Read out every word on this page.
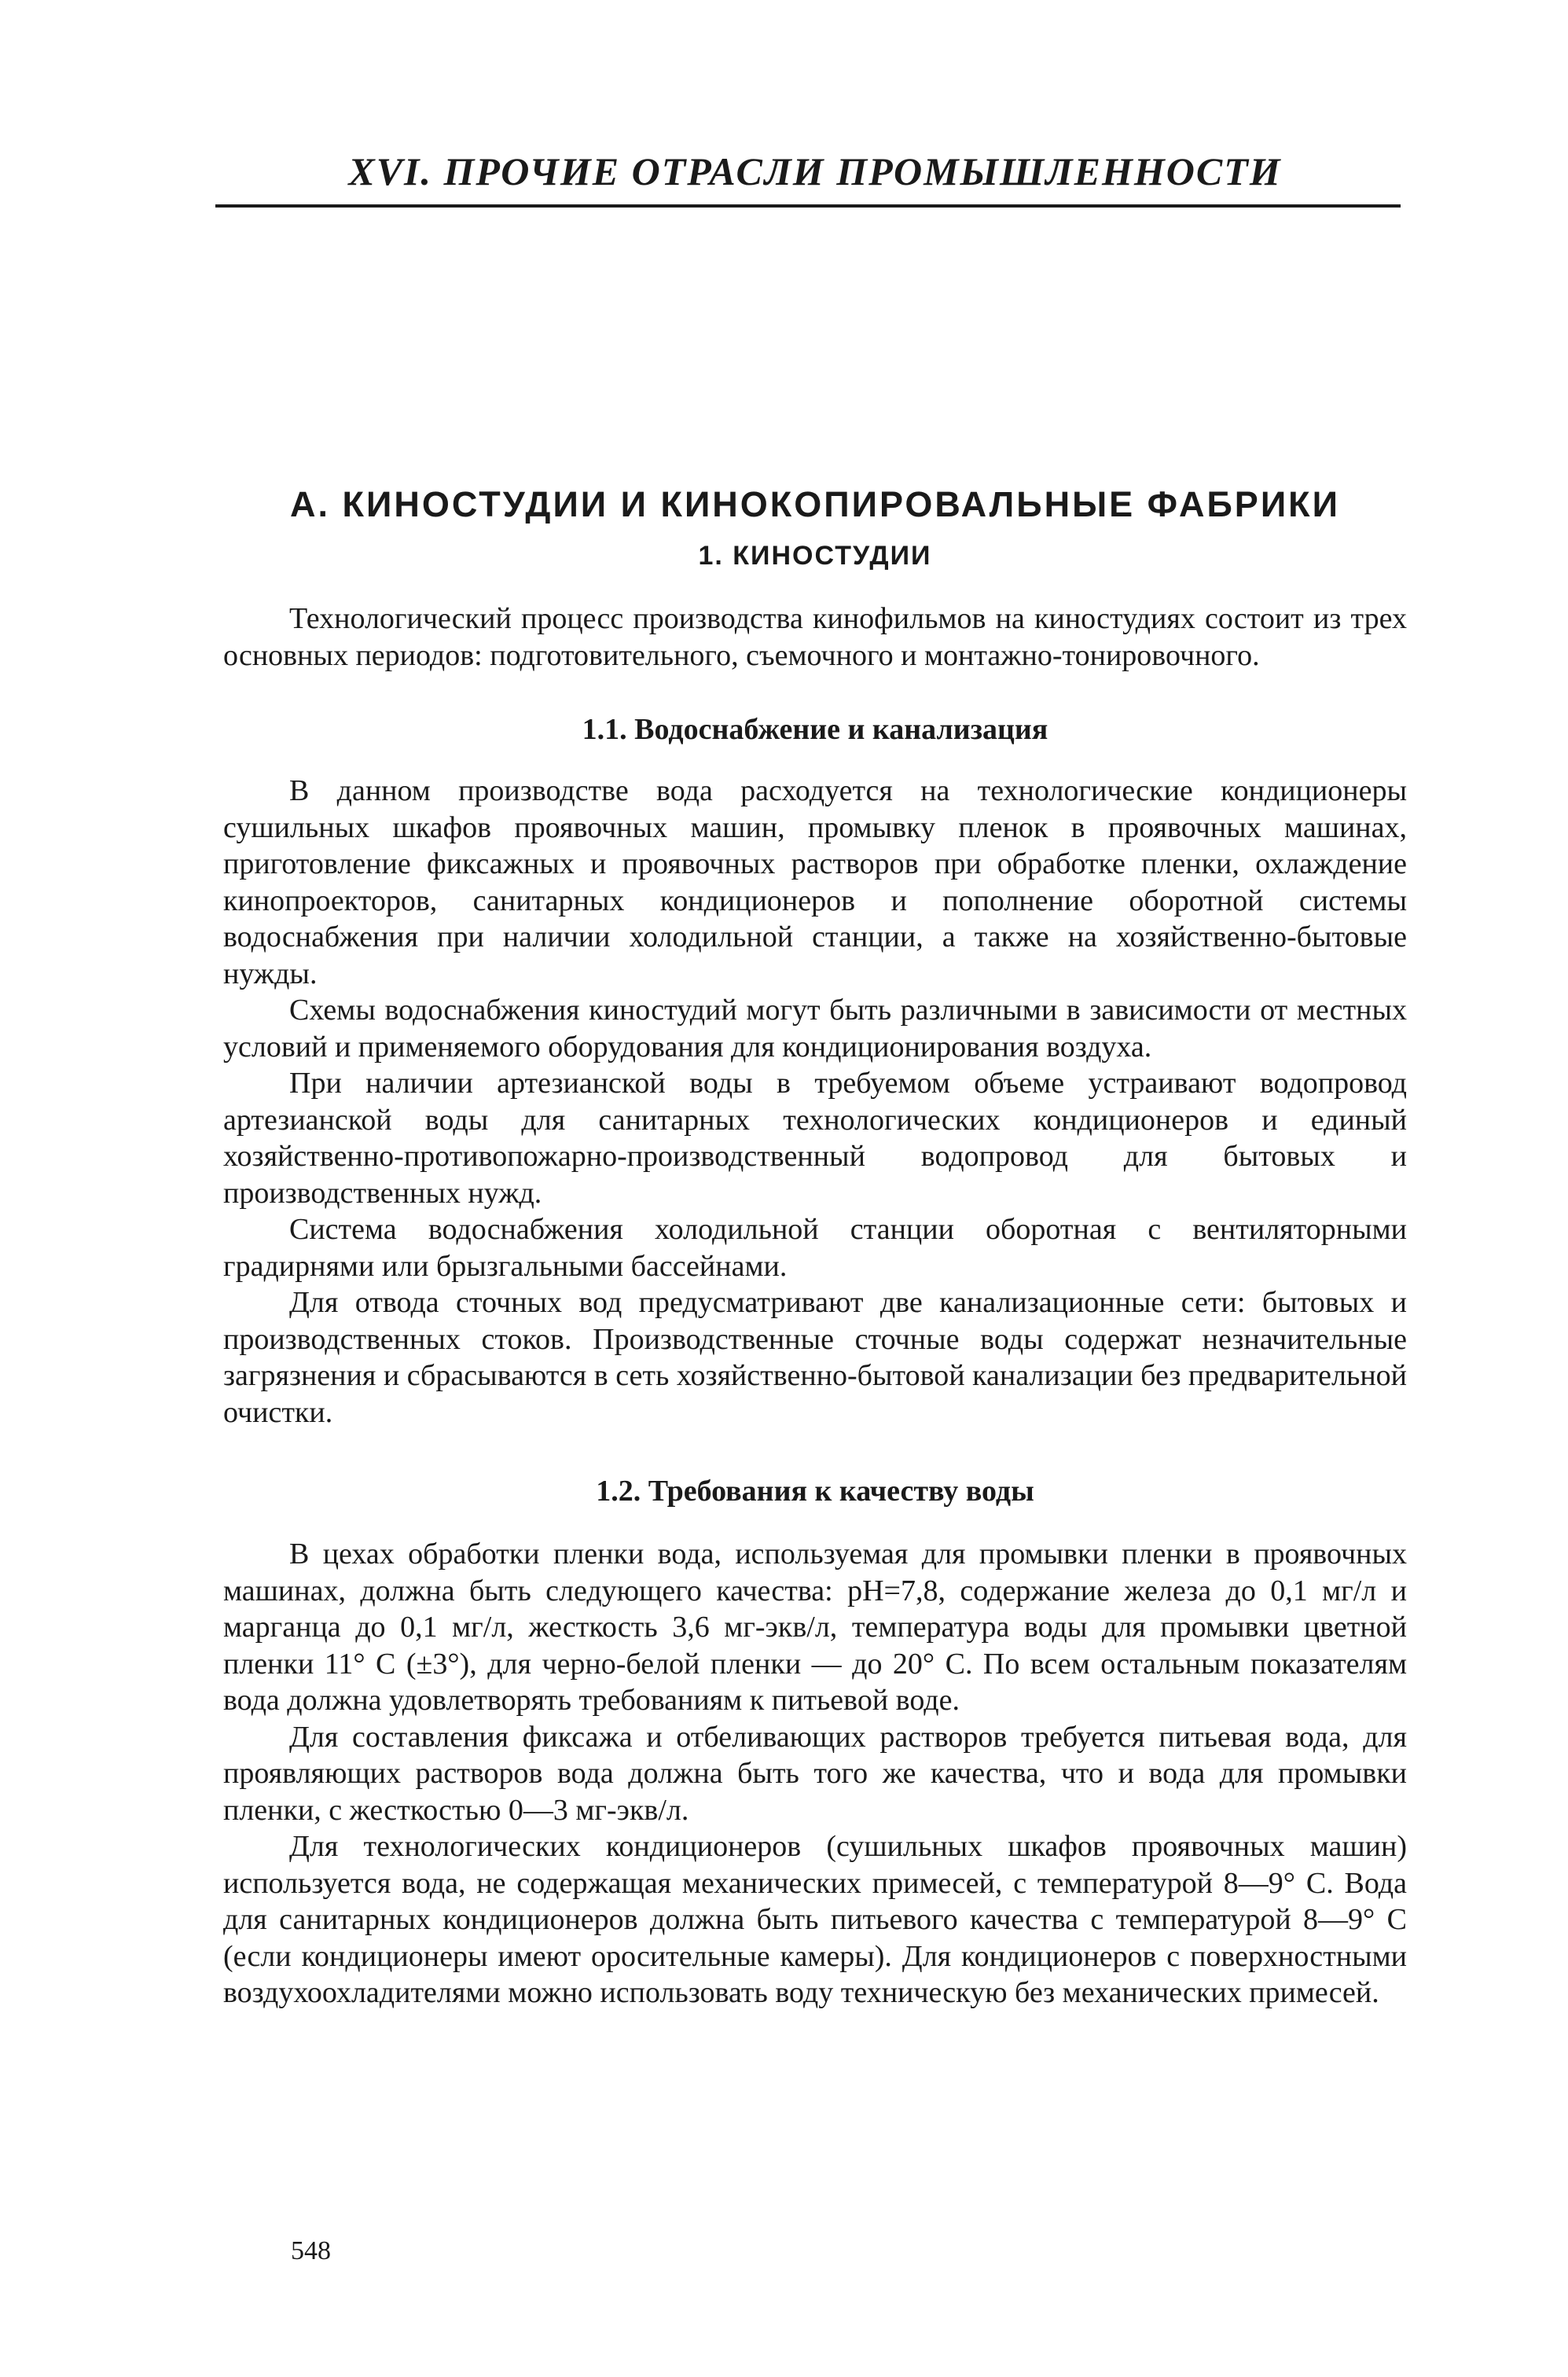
XVI. ПРОЧИЕ ОТРАСЛИ ПРОМЫШЛЕННОСТИ
А. КИНОСТУДИИ И КИНОКОПИРОВАЛЬНЫЕ ФАБРИКИ
1. КИНОСТУДИИ

Технологический процесс производства кинофильмов на киностудиях состоит из трех основных периодов: подготовительного, съемочного и монтажно-тонировочного.

1.1. Водоснабжение и канализация

В данном производстве вода расходуется на технологические кондиционеры сушильных шкафов проявочных машин, промывку пленок в проявочных машинах, приготовление фиксажных и проявочных растворов при обработке пленки, охлаждение кинопроекторов, санитарных кондиционеров и пополнение оборотной системы водоснабжения при наличии холодильной станции, а также на хозяйственно-бытовые нужды.

Схемы водоснабжения киностудий могут быть различными в зависимости от местных условий и применяемого оборудования для кондиционирования воздуха.

При наличии артезианской воды в требуемом объеме устраивают водопровод артезианской воды для санитарных технологических кондиционеров и единый хозяйственно-противопожарно-производственный водопровод для бытовых и производственных нужд.

Система водоснабжения холодильной станции оборотная с вентиляторными градирнями или брызгальными бассейнами.

Для отвода сточных вод предусматривают две канализационные сети: бытовых и производственных стоков. Производственные сточные воды содержат незначительные загрязнения и сбрасываются в сеть хозяйственно-бытовой канализации без предварительной очистки.

1.2. Требования к качеству воды

В цехах обработки пленки вода, используемая для промывки пленки в проявочных машинах, должна быть следующего качества: pH=7,8, содержание железа до 0,1 мг/л и марганца до 0,1 мг/л, жесткость 3,6 мг-экв/л, температура воды для промывки цветной пленки 11° С (±3°), для черно-белой пленки — до 20° С. По всем остальным показателям вода должна удовлетворять требованиям к питьевой воде.

Для составления фиксажа и отбеливающих растворов требуется питьевая вода, для проявляющих растворов вода должна быть того же качества, что и вода для промывки пленки, с жесткостью 0—3 мг-экв/л.

Для технологических кондиционеров (сушильных шкафов проявочных машин) используется вода, не содержащая механических примесей, с температурой 8—9° С. Вода для санитарных кондиционеров должна быть питьевого качества с температурой 8—9° С (если кондиционеры имеют оросительные камеры). Для кондиционеров с поверхностными воздухоохладителями можно использовать воду техническую без механических примесей.

548
